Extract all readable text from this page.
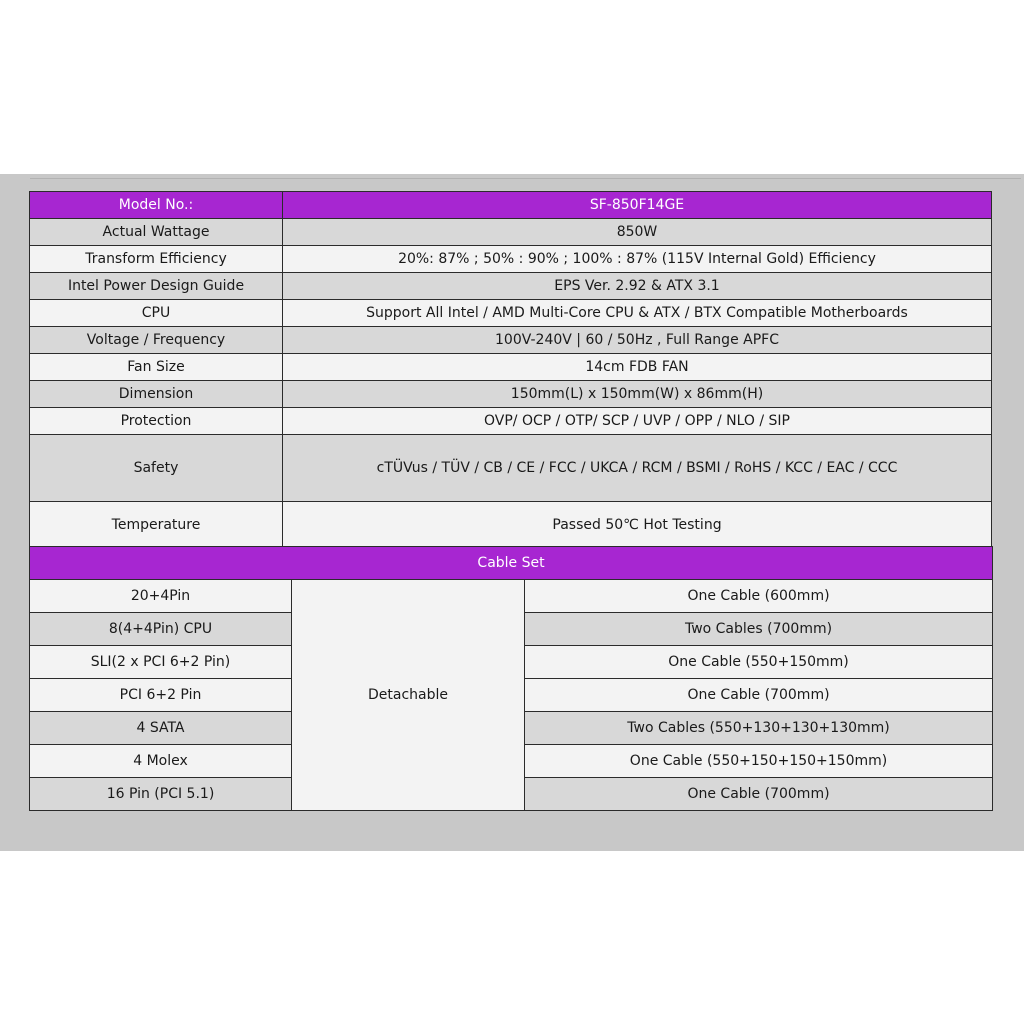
Model No.:	SF-850F14GE
Actual Wattage	850W
Transform Efficiency	20%: 87% ; 50% : 90% ; 100% : 87% (115V Internal Gold) Efficiency
Intel Power Design Guide	EPS Ver. 2.92 & ATX 3.1
CPU	Support All Intel / AMD Multi-Core CPU & ATX / BTX Compatible Motherboards
Voltage / Frequency	100V-240V | 60 / 50Hz , Full Range APFC
Fan Size	14cm FDB FAN
Dimension	150mm(L) x 150mm(W) x 86mm(H)
Protection	OVP/ OCP / OTP/ SCP / UVP / OPP / NLO / SIP
Safety	cTÜVus / TÜV / CB / CE / FCC / UKCA / RCM / BSMI / RoHS / KCC / EAC / CCC
Temperature	Passed 50℃ Hot Testing
Cable Set		
20+4Pin	Detachable	One Cable (600mm)
8(4+4Pin) CPU		Two Cables (700mm)
SLI(2 x PCI 6+2 Pin)		One Cable (550+150mm)
PCI 6+2 Pin		One Cable (700mm)
4 SATA		Two Cables (550+130+130+130mm)
4 Molex		One Cable (550+150+150+150mm)
16 Pin (PCI 5.1)		One Cable (700mm)
